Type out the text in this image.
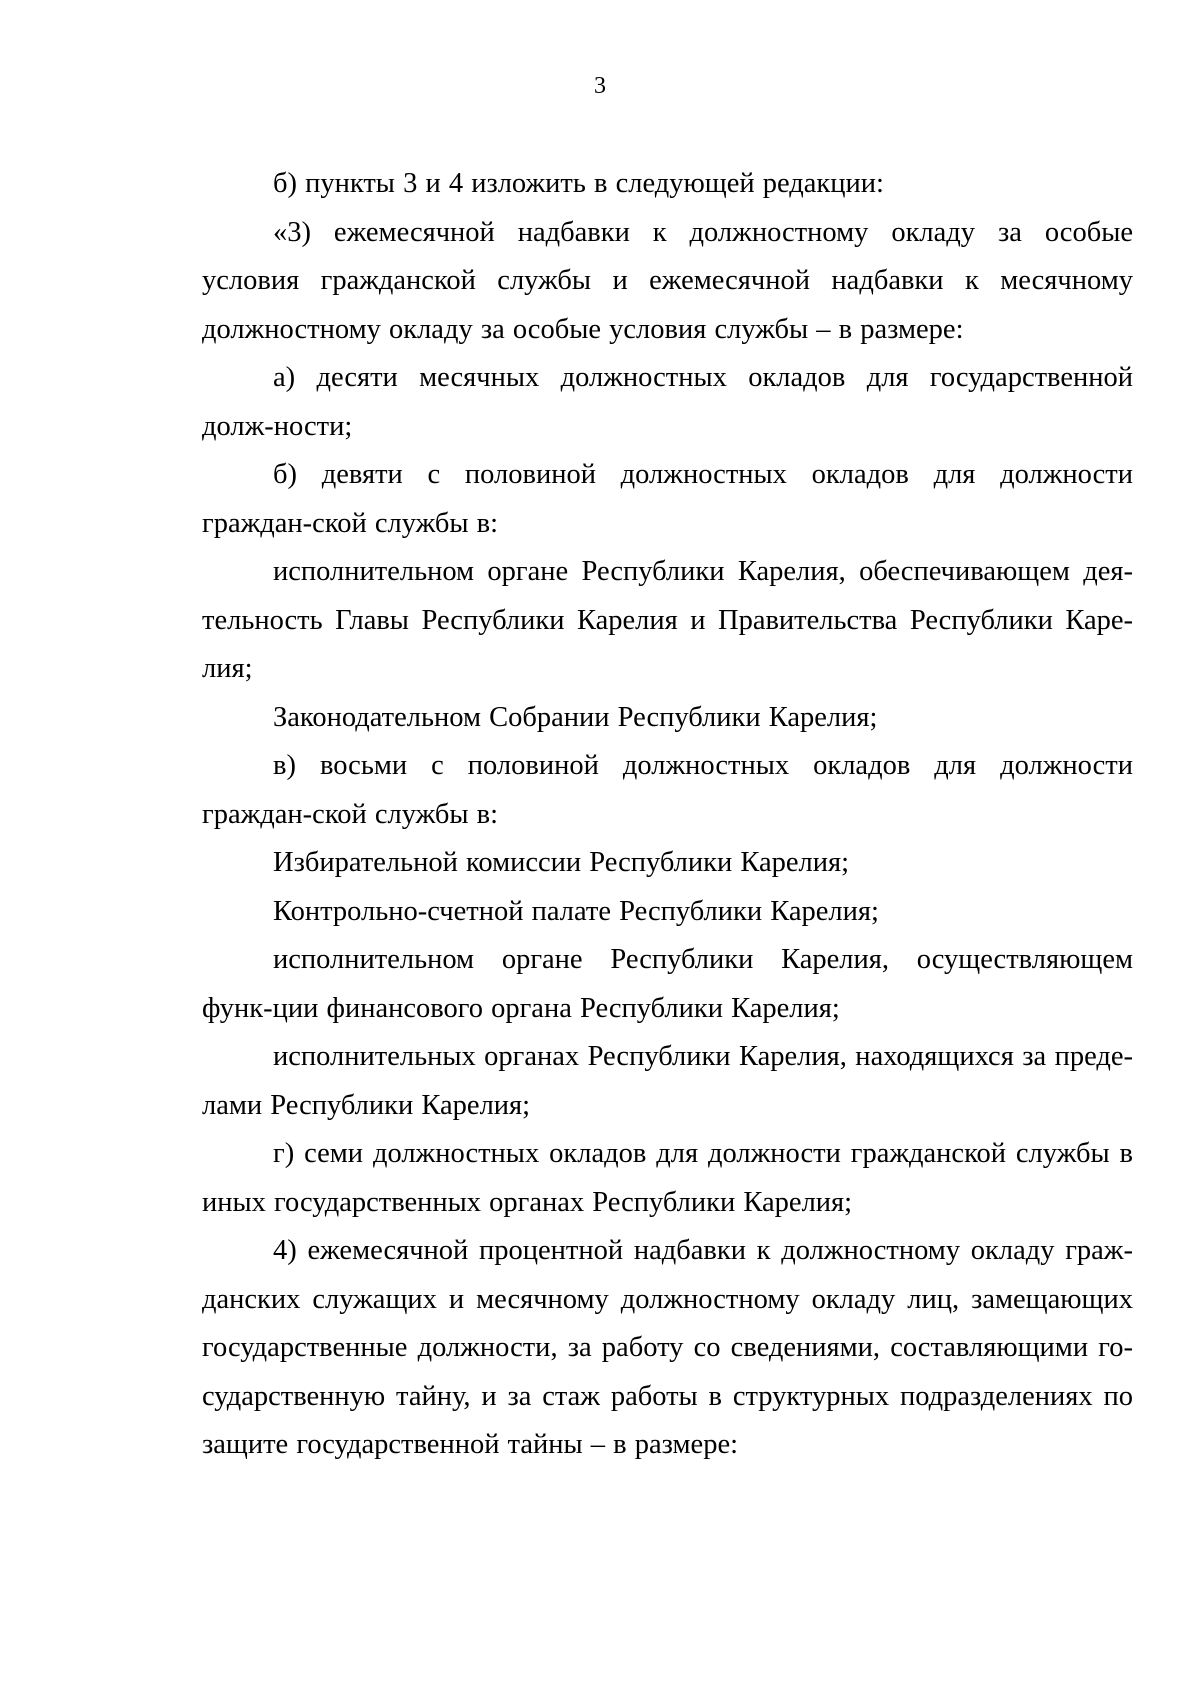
3

б) пункты 3 и 4 изложить в следующей редакции:

«3) ежемесячной надбавки к должностному окладу за особые условия гражданской службы и ежемесячной надбавки к месячному должностному окладу за особые условия службы – в размере:

а) десяти месячных должностных окладов для государственной долж-ности;

б) девяти с половиной должностных окладов для должности граждан-ской службы в:

исполнительном органе Республики Карелия, обеспечивающем дея-тельность Главы Республики Карелия и Правительства Республики Каре-лия;

Законодательном Собрании Республики Карелия;

в) восьми с половиной должностных окладов для должности граждан-ской службы в:

Избирательной комиссии Республики Карелия;

Контрольно-счетной палате Республики Карелия;

исполнительном органе Республики Карелия, осуществляющем функ-ции финансового органа Республики Карелия;

исполнительных органах Республики Карелия, находящихся за преде-лами Республики Карелия;

г) семи должностных окладов для должности гражданской службы в иных государственных органах Республики Карелия;

4) ежемесячной процентной надбавки к должностному окладу граж-данских служащих и месячному должностному окладу лиц, замещающих государственные должности, за работу со сведениями, составляющими го-сударственную тайну, и за стаж работы в структурных подразделениях по защите государственной тайны – в размере:
